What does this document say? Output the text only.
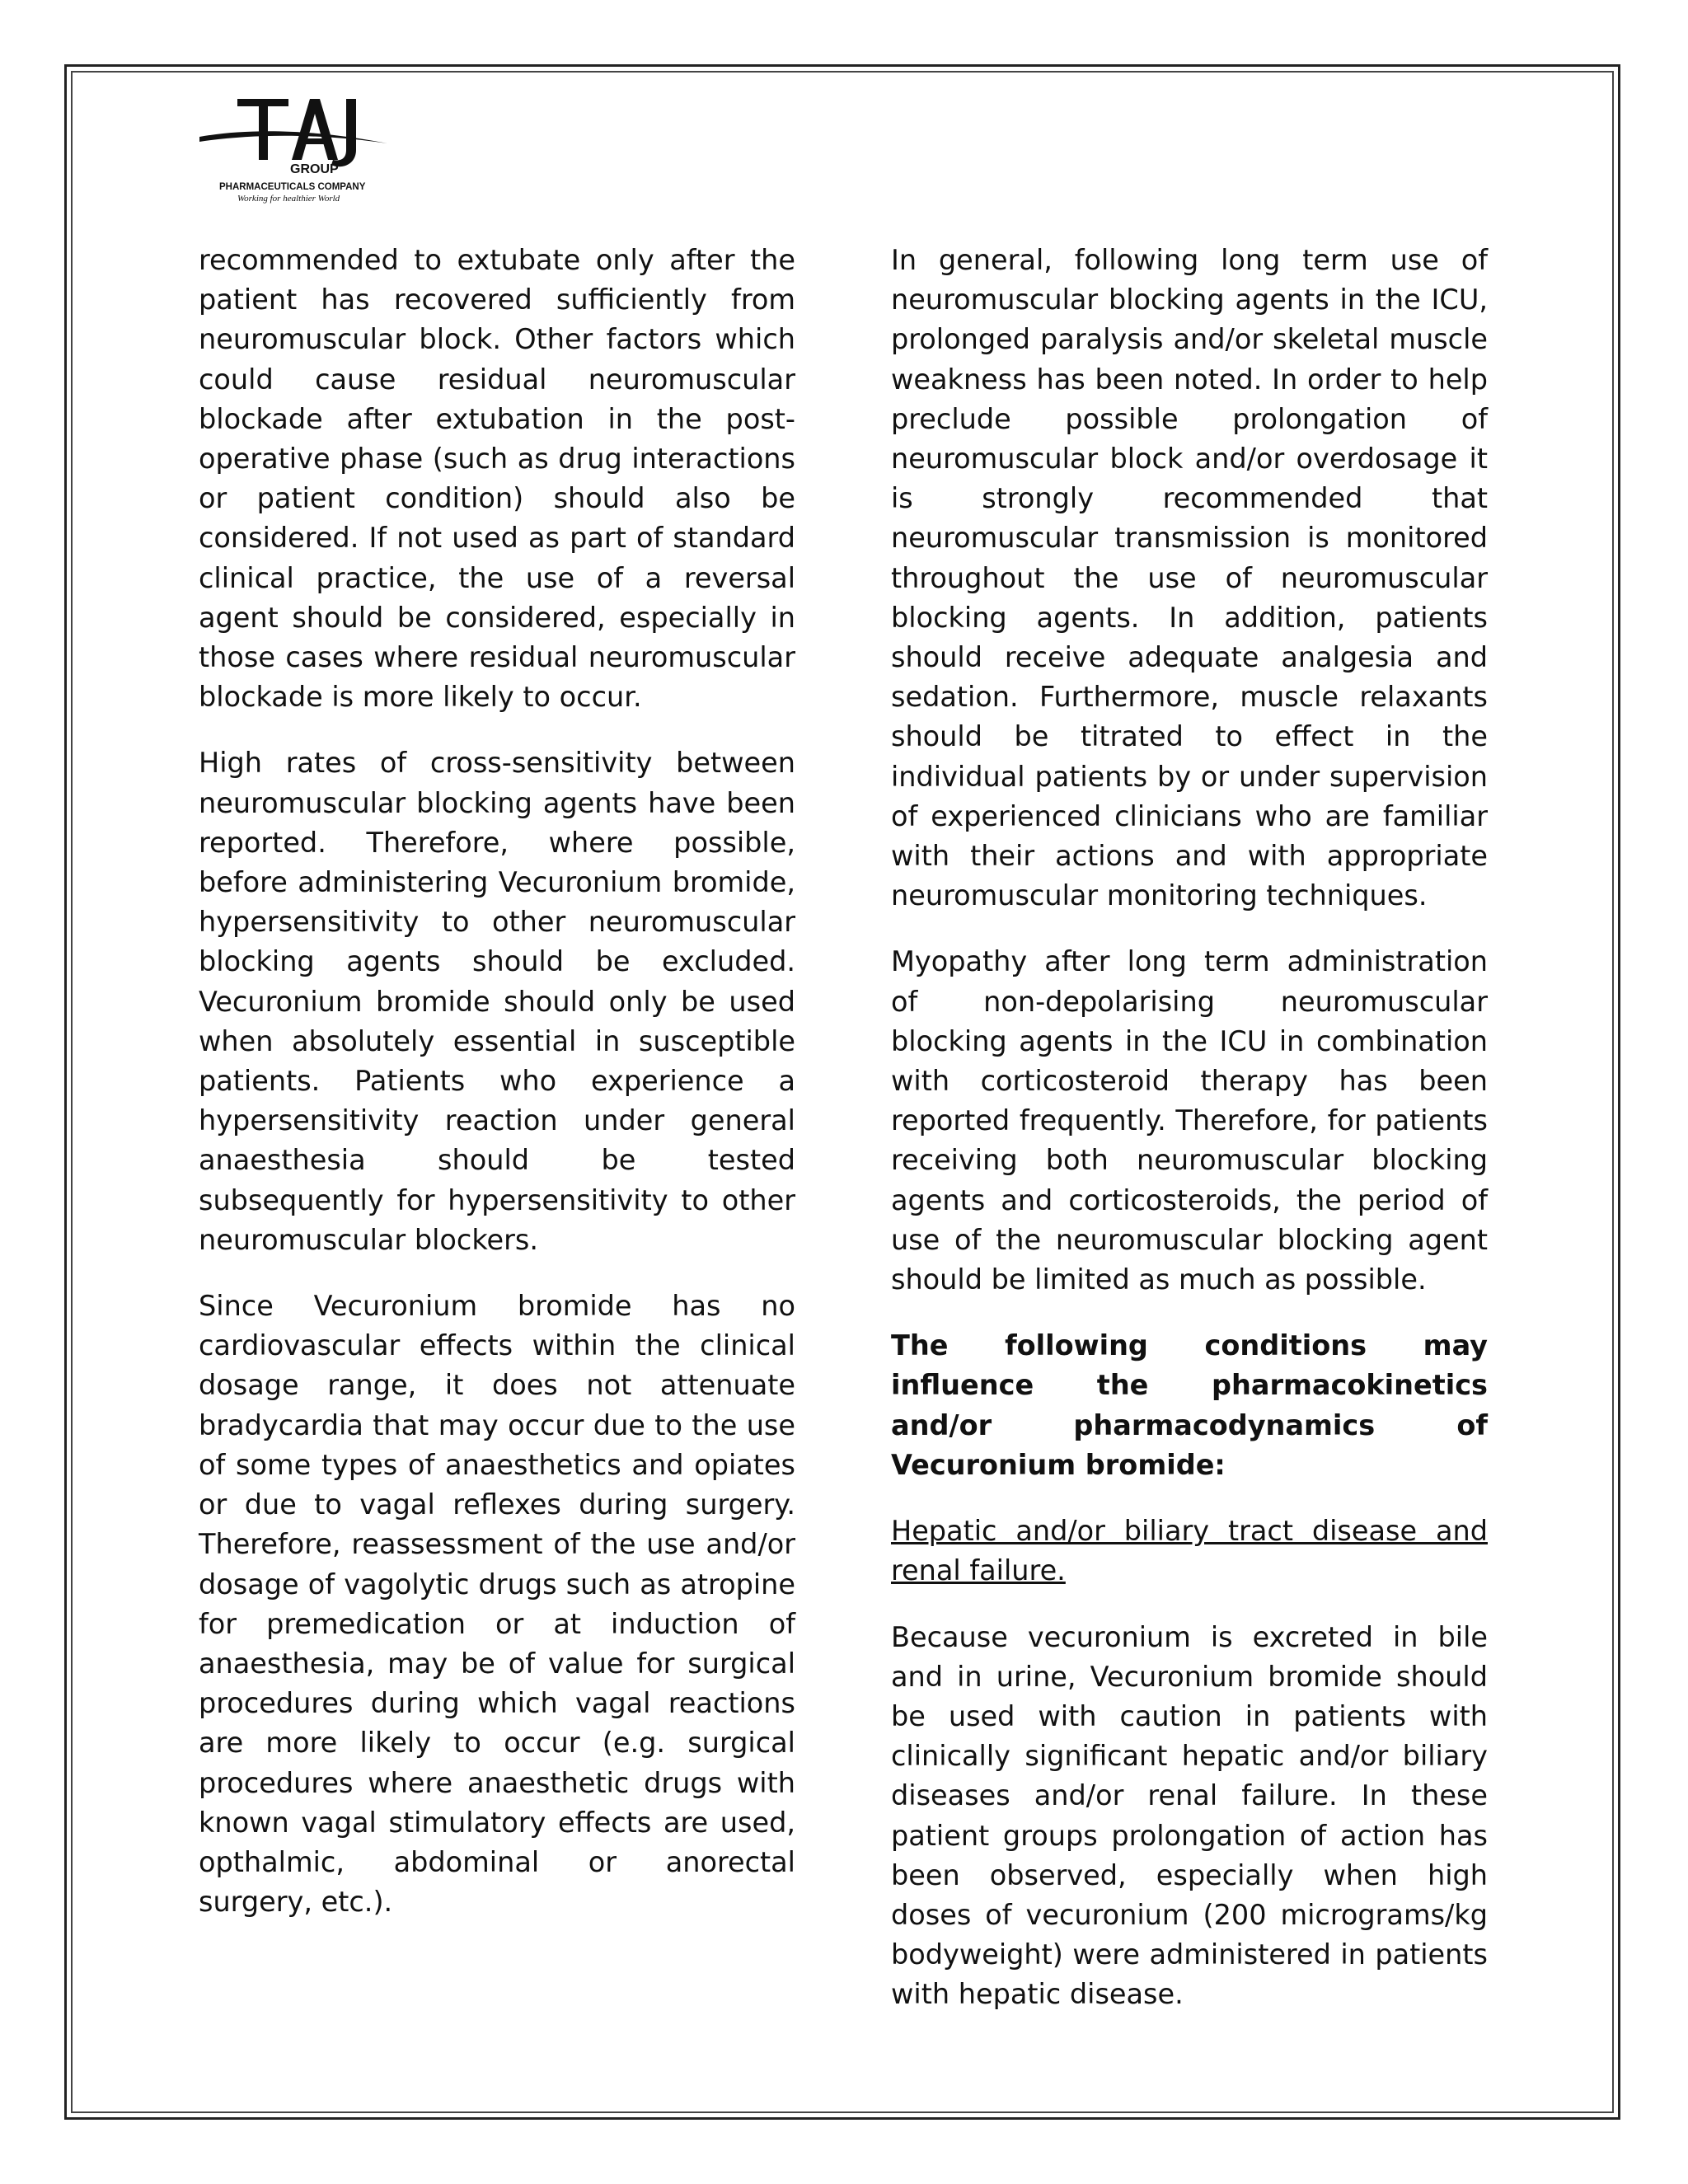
GROUP
PHARMACEUTICALS COMPANY
Working for healthier World

recommended to extubate only after the patient has recovered sufficiently from neuromuscular block. Other factors which could cause residual neuromuscular blockade after extubation in the post-operative phase (such as drug interactions or patient condition) should also be considered. If not used as part of standard clinical practice, the use of a reversal agent should be considered, especially in those cases where residual neuromuscular blockade is more likely to occur.

High rates of cross-sensitivity between neuromuscular blocking agents have been reported. Therefore, where possible, before administering Vecuronium bromide, hypersensitivity to other neuromuscular blocking agents should be excluded. Vecuronium bromide should only be used when absolutely essential in susceptible patients. Patients who experience a hypersensitivity reaction under general anaesthesia should be tested subsequently for hypersensitivity to other neuromuscular blockers.

Since Vecuronium bromide has no cardiovascular effects within the clinical dosage range, it does not attenuate bradycardia that may occur due to the use of some types of anaesthetics and opiates or due to vagal reflexes during surgery. Therefore, reassessment of the use and/or dosage of vagolytic drugs such as atropine for premedication or at induction of anaesthesia, may be of value for surgical procedures during which vagal reactions are more likely to occur (e.g. surgical procedures where anaesthetic drugs with known vagal stimulatory effects are used, opthalmic, abdominal or anorectal surgery, etc.).

In general, following long term use of neuromuscular blocking agents in the ICU, prolonged paralysis and/or skeletal muscle weakness has been noted. In order to help preclude possible prolongation of neuromuscular block and/or overdosage it is strongly recommended that neuromuscular transmission is monitored throughout the use of neuromuscular blocking agents. In addition, patients should receive adequate analgesia and sedation. Furthermore, muscle relaxants should be titrated to effect in the individual patients by or under supervision of experienced clinicians who are familiar with their actions and with appropriate neuromuscular monitoring techniques.

Myopathy after long term administration of non-depolarising neuromuscular blocking agents in the ICU in combination with corticosteroid therapy has been reported frequently. Therefore, for patients receiving both neuromuscular blocking agents and corticosteroids, the period of use of the neuromuscular blocking agent should be limited as much as possible.

The following conditions may influence the pharmacokinetics and/or pharmacodynamics of Vecuronium bromide:

Hepatic and/or biliary tract disease and renal failure.

Because vecuronium is excreted in bile and in urine, Vecuronium bromide should be used with caution in patients with clinically significant hepatic and/or biliary diseases and/or renal failure. In these patient groups prolongation of action has been observed, especially when high doses of vecuronium (200 micrograms/kg bodyweight) were administered in patients with hepatic disease.
